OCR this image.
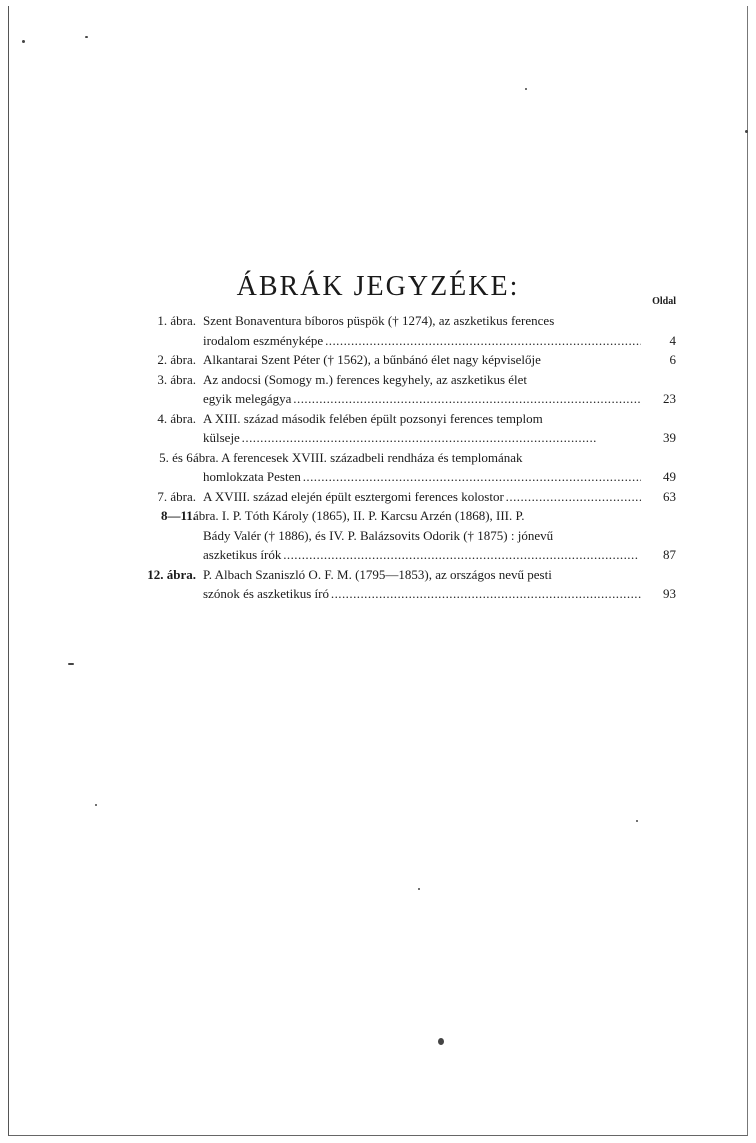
ÁBRÁK JEGYZÉKE:	Oldal
1. ábra. Szent Bonaventura bíboros püspök († 1274), az aszketikus ferences
irodalom eszményképe . . .	4
2. ábra. Alkantarai Szent Péter († 1562), a bűnbánó élet nagy képviselője	6
3. ábra. Az andocsi (Somogy m.) ferences kegyhely, az aszketikus élet
egyik melegágya . . .	23
4. ábra. A XIII. század második felében épült pozsonyi ferences templom
külseje . . .	39
5. és 6.
ábra. A ferencesek XVIII. századbeli rendháza és templomának
homlokzata Pesten . . .	49
7. ábra. A XVIII. század elején épült esztergomi ferences kolostor . . .	63
8—11.
ábra. I. P. Tóth Károly (1865), II. P. Karcsu Arzén (1868), III. P.
Bády Valér († 1886), és IV. P. Balázsovits Odorik († 1875) : jónevű
aszketikus írók . . .	87
12. ábra. P. Albach Szaniszló O. F. M. (1795—1853), az országos nevű pesti
szónok és aszketikus író . . .	93
